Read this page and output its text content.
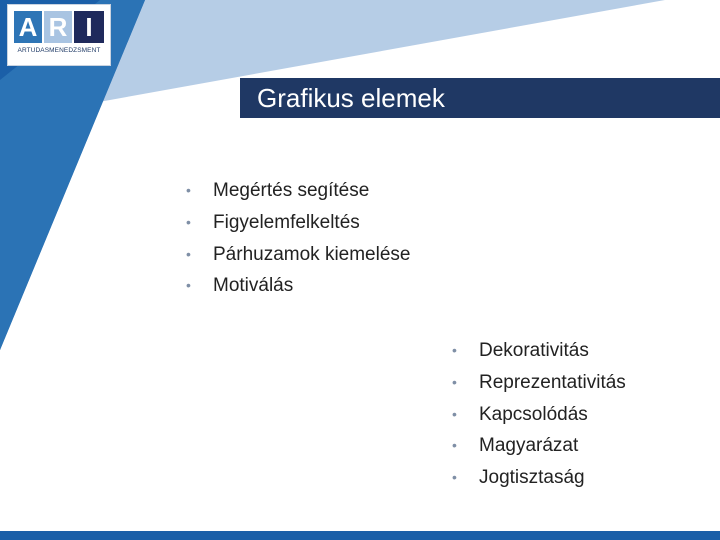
A R I
ARTUDASMENEDZSMENT
Grafikus elemek
• Megértés segítése
• Figyelemfelkeltés
• Párhuzamok kiemelése
• Motiválás
• Dekorativitás
• Reprezentativitás
• Kapcsolódás
• Magyarázat
• Jogtisztaság
